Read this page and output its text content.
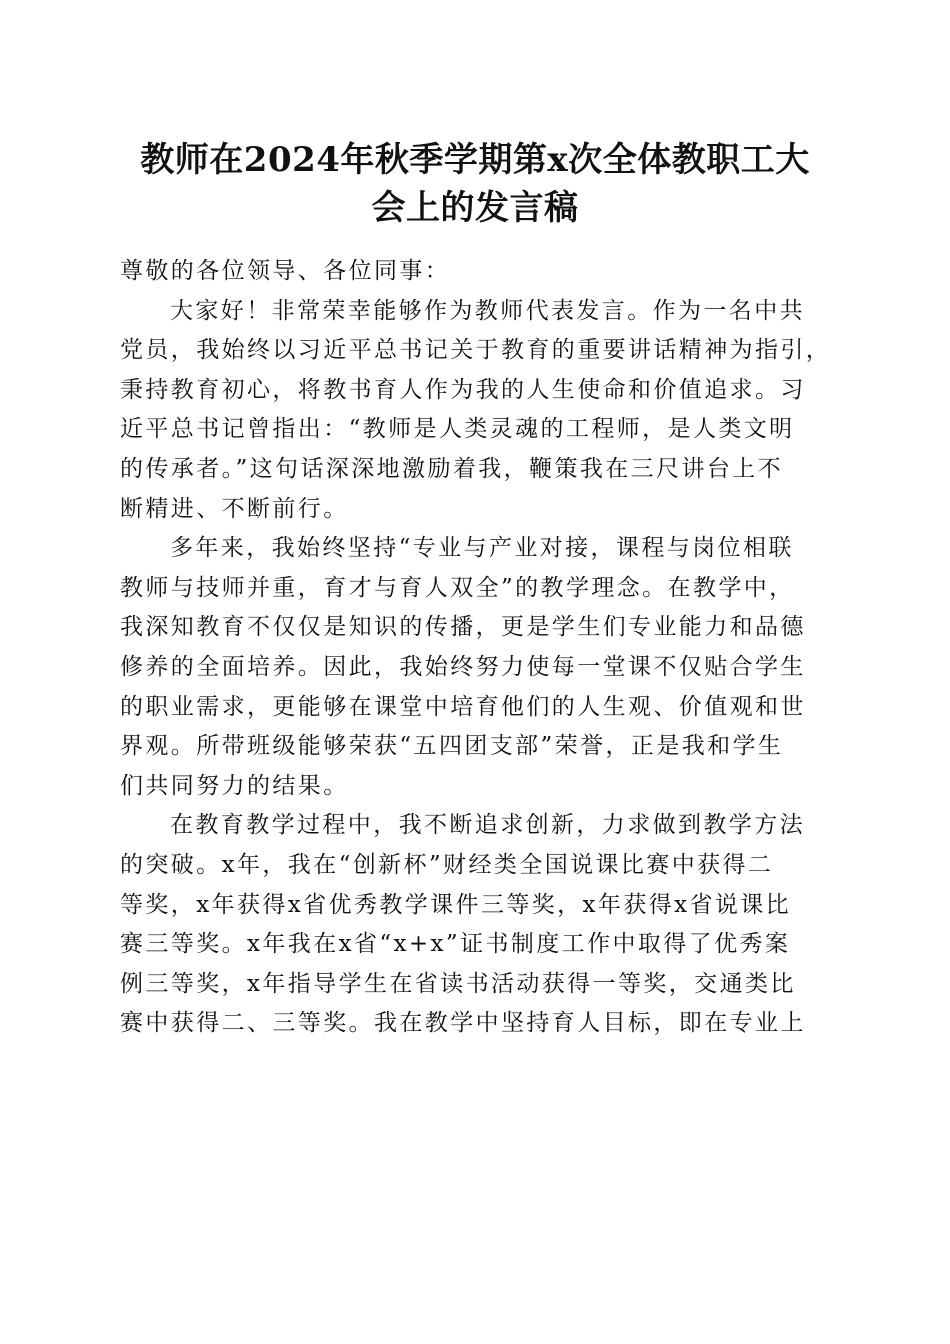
教师在2024年秋季学期第x次全体教职工大
会上的发言稿
尊敬的各位领导、各位同事：
大家好！非常荣幸能够作为教师代表发言。作为一名中共
党员，我始终以习近平总书记关于教育的重要讲话精神为指引，
秉持教育初心，将教书育人作为我的人生使命和价值追求。习
近平总书记曾指出：“教师是人类灵魂的工程师，是人类文明
的传承者。”这句话深深地激励着我，鞭策我在三尺讲台上不
断精进、不断前行。
多年来，我始终坚持“专业与产业对接，课程与岗位相联
教师与技师并重，育才与育人双全”的教学理念。在教学中，
我深知教育不仅仅是知识的传播，更是学生们专业能力和品德
修养的全面培养。因此，我始终努力使每一堂课不仅贴合学生
的职业需求，更能够在课堂中培育他们的人生观、价值观和世
界观。所带班级能够荣获“五四团支部”荣誉，正是我和学生
们共同努力的结果。
在教育教学过程中，我不断追求创新，力求做到教学方法
的突破。x年，我在“创新杯”财经类全国说课比赛中获得二
等奖，x年获得x省优秀教学课件三等奖，x年获得x省说课比
赛三等奖。x年我在x省“x+x”证书制度工作中取得了优秀案
例三等奖，x年指导学生在省读书活动获得一等奖，交通类比
赛中获得二、三等奖。我在教学中坚持育人目标，即在专业上
